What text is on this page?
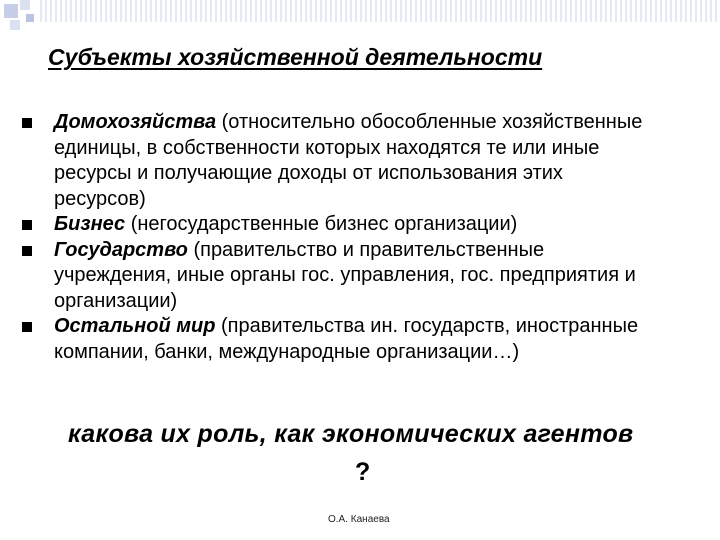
Субъекты хозяйственной деятельности
Домохозяйства (относительно обособленные хозяйственные единицы, в собственности которых находятся те или иные ресурсы и получающие доходы от использования этих ресурсов)
Бизнес (негосударственные бизнес организации)
Государство (правительство и правительственные учреждения, иные органы гос. управления, гос. предприятия и организации)
Остальной мир (правительства ин. государств, иностранные компании, банки, международные организации…)
какова их роль, как экономических агентов
?
О.А. Канаева
